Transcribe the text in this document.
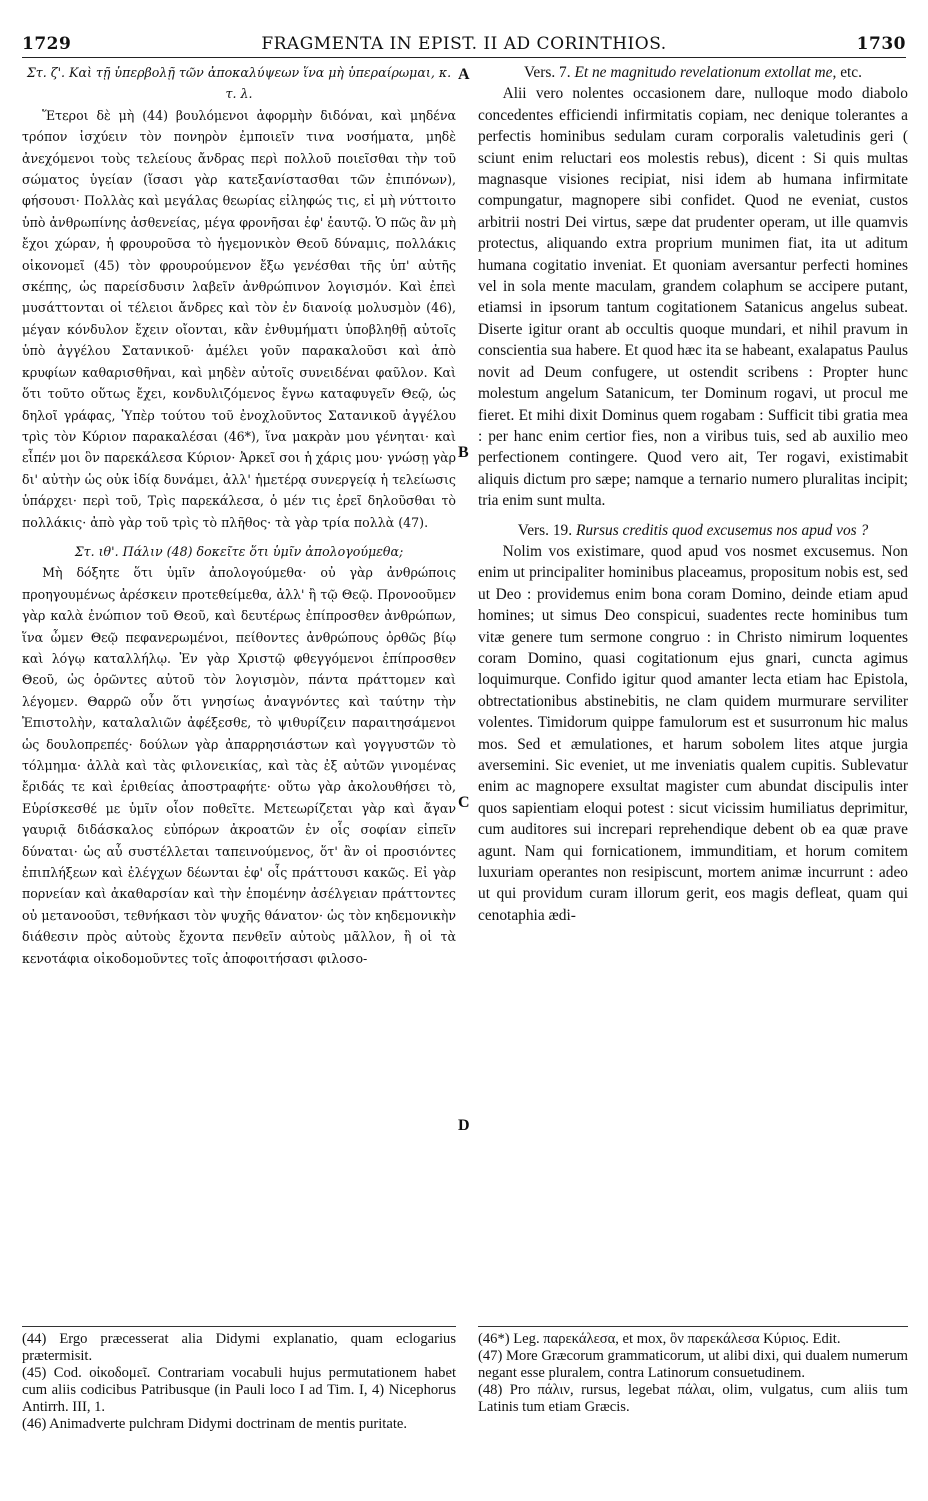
1729	FRAGMENTA IN EPIST. II AD CORINTHIOS.	1730
Στ. ζ'. Καὶ τῇ ὑπερβολῇ τῶν ἀποκαλύψεων ἵνα μὴ ὑπεραίρωμαι, κ. τ. λ.

Ἕτεροι δὲ μὴ (44) βουλόμενοι ἀφορμὴν διδόναι, καὶ μηδένα τρόπον ἰσχύειν τὸν πονηρὸν ἐμποιεῖν τινα νοσήματα, μηδὲ ἀνεχόμενοι τοὺς τελείους ἄνδρας περὶ πολλοῦ ποιεῖσθαι τὴν τοῦ σώματος ὑγείαν (ἴσασι γὰρ κατεξανίστασθαι τῶν ἐπιπόνων), φήσουσι· Πολλὰς καὶ μεγάλας θεωρίας εἰληφώς τις, εἰ μὴ νύττοιτο ὑπὸ ἀνθρωπίνης ἀσθενείας, μέγα φρονῆσαι ἐφ' ἑαυτῷ. Ὁ πῶς ἂν μὴ ἔχοι χώραν, ἡ φρουροῦσα τὸ ἡγεμονικὸν Θεοῦ δύναμις, πολλάκις οἰκονομεῖ (45) τὸν φρουρούμενον ἔξω γενέσθαι τῆς ὑπ' αὐτῆς σκέπης, ὡς παρείσδυσιν λαβεῖν ἀνθρώπινον λογισμόν. Καὶ ἐπεὶ μυσάττονται οἱ τέλειοι ἄνδρες καὶ τὸν ἐν διανοίᾳ μολυσμὸν (46), μέγαν κόνδυλον ἔχειν οἴονται, κἂν ἐνθυμήματι ὑποβληθῇ αὐτοῖς ὑπὸ ἀγγέλου Σατανικοῦ· ἀμέλει γοῦν παρακαλοῦσι καὶ ἀπὸ κρυφίων καθαρισθῆναι, καὶ μηδὲν αὐτοῖς συνειδέναι φαῦλον. Καὶ ὅτι τοῦτο οὕτως ἔχει, κονδυλιζόμενος ἔγνω καταφυγεῖν Θεῷ, ὡς δηλοῖ γράφας, Ὑπὲρ τούτου τοῦ ἐνοχλοῦντος Σατανικοῦ ἀγγέλου τρὶς τὸν Κύριον παρακαλέσαι (46*), ἵνα μακρὰν μου γένηται· καὶ εἶπέν μοι ὃν παρεκάλεσα Κύριον· Ἀρκεῖ σοι ἡ χάρις μου· γνώσῃ γὰρ δι' αὐτὴν ὡς οὐκ ἰδίᾳ δυνάμει, ἀλλ' ἡμετέρᾳ συνεργείᾳ ἡ τελείωσις ὑπάρχει· περὶ τοῦ, Τρὶς παρεκάλεσα, ὁ μέν τις ἐρεῖ δηλοῦσθαι τὸ πολλάκις· ἀπὸ γὰρ τοῦ τρὶς τὸ πλῆθος· τὰ γὰρ τρία πολλὰ (47).

Στ. ιθ'. Πάλιν (48) δοκεῖτε ὅτι ὑμῖν ἀπολογούμεθα;

Μὴ δόξητε ὅτι ὑμῖν ἀπολογούμεθα· οὐ γὰρ ἀνθρώποις προηγουμένως ἀρέσκειν προτεθείμεθα, ἀλλ' ἢ τῷ Θεῷ. Προνοοῦμεν γὰρ καλὰ ἐνώπιον τοῦ Θεοῦ, καὶ δευτέρως ἐπίπροσθεν ἀνθρώπων, ἵνα ὦμεν Θεῷ πεφανερωμένοι, πείθοντες ἀνθρώπους ὀρθῶς βίῳ καὶ λόγῳ καταλλήλῳ. Ἐν γὰρ Χριστῷ φθεγγόμενοι ἐπίπροσθεν Θεοῦ, ὡς ὁρῶντες αὐτοῦ τὸν λογισμὸν, πάντα πράττομεν καὶ λέγομεν. Θαρρῶ οὖν ὅτι γνησίως ἀναγνόντες καὶ ταύτην τὴν Ἐπιστολὴν, καταλαλιῶν ἀφέξεσθε, τὸ ψιθυρίζειν παραιτησάμενοι ὡς δουλοπρεπές· δούλων γὰρ ἀπαρρησιάστων καὶ γογγυστῶν τὸ τόλμημα· ἀλλὰ καὶ τὰς φιλονεικίας, καὶ τὰς ἐξ αὐτῶν γινομένας ἔριδάς τε καὶ ἐριθείας ἀποστραφήτε· οὕτω γὰρ ἀκολουθήσει τὸ, Εὑρίσκεσθέ με ὑμῖν οἷον ποθεῖτε. Μετεωρίζεται γὰρ καὶ ἄγαν γαυριᾷ διδάσκαλος εὐπόρων ἀκροατῶν ἐν οἷς σοφίαν εἰπεῖν δύναται· ὡς αὖ συστέλλεται ταπεινούμενος, ὅτ' ἂν οἱ προσιόντες ἐπιπλήξεων καὶ ἐλέγχων δέωνται ἐφ' οἷς πράττουσι κακῶς. Εἰ γὰρ πορνείαν καὶ ἀκαθαρσίαν καὶ τὴν ἑπομένην ἀσέλγειαν πράττοντες οὐ μετανοοῦσι, τεθνήκασι τὸν ψυχῆς θάνατον· ὡς τὸν κηδεμονικὴν διάθεσιν πρὸς αὐτοὺς ἔχοντα πενθεῖν αὐτοὺς μᾶλλον, ἢ οἱ τὰ κενοτάφια οἰκοδομοῦντες τοῖς ἀποφοιτήσασι φιλοσο-

Vers. 7. Et ne magnitudo revelationum extollat me, etc.

Alii vero nolentes occasionem dare, nulloque modo diabolo concedentes efficiendi infirmitatis copiam, nec denique tolerantes a perfectis hominibus sedulam curam corporalis valetudinis geri ( sciunt enim reluctari eos molestis rebus), dicent : Si quis multas magnasque visiones recipiat, nisi idem ab humana infirmitate compungatur, magnopere sibi confidet. Quod ne eveniat, custos arbitrii nostri Dei virtus, sæpe dat prudenter operam, ut ille quamvis protectus, aliquando extra proprium munimen fiat, ita ut aditum humana cogitatio inveniat. Et quoniam aversantur perfecti homines vel in sola mente maculam, grandem colaphum se accipere putant, etiamsi in ipsorum tantum cogitationem Satanicus angelus subeat. Diserte igitur orant ab occultis quoque mundari, et nihil pravum in conscientia sua habere. Et quod hæc ita se habeant, exalapatus Paulus novit ad Deum confugere, ut ostendit scribens : Propter hunc molestum angelum Satanicum, ter Dominum rogavi, ut procul me fieret. Et mihi dixit Dominus quem rogabam : Sufficit tibi gratia mea : per hanc enim certior fies, non a viribus tuis, sed ab auxilio meo perfectionem contingere. Quod vero ait, Ter rogavi, existimabit aliquis dictum pro sæpe; namque a ternario numero pluralitas incipit; tria enim sunt multa.

Vers. 19. Rursus creditis quod excusemus nos apud vos ?

Nolim vos existimare, quod apud vos nosmet excusemus. Non enim ut principaliter hominibus placeamus, propositum nobis est, sed ut Deo : providemus enim bona coram Domino, deinde etiam apud homines; ut simus Deo conspicui, suadentes recte hominibus tum vitæ genere tum sermone congruo : in Christo nimirum loquentes coram Domino, quasi cogitationum ejus gnari, cuncta agimus loquimurque. Confido igitur quod amanter lecta etiam hac Epistola, obtrectationibus abstinebitis, ne clam quidem murmurare serviliter volentes. Timidorum quippe famulorum est et susurronum hic malus mos. Sed et æmulationes, et harum sobolem lites atque jurgia aversemini. Sic eveniet, ut me inveniatis qualem cupitis. Sublevatur enim ac magnopere exsultat magister cum abundat discipulis inter quos sapientiam eloqui potest : sicut vicissim humiliatus deprimitur, cum auditores sui increpari reprehendique debent ob ea quæ prave agunt. Nam qui fornicationem, immunditiam, et horum comitem luxuriam operantes non resipiscunt, mortem animæ incurrunt : adeo ut qui providum curam illorum gerit, eos magis defleat, quam qui cenotaphia ædi-

A
B
C
D

(44) Ergo præcesserat alia Didymi explanatio, quam eclogarius prætermisit.

(45) Cod. οἰκοδομεῖ. Contrariam vocabuli hujus permutationem habet cum aliis codicibus Patribusque (in Pauli loco I ad Tim. I, 4) Nicephorus Antirrh. III, 1.

(46) Animadverte pulchram Didymi doctrinam de mentis puritate.

(46*) Leg. παρεκάλεσα, et mox, ὃν παρεκάλεσα Κύριος. Edit.

(47) More Græcorum grammaticorum, ut alibi dixi, qui dualem numerum negant esse pluralem, contra Latinorum consuetudinem.

(48) Pro πάλιν, rursus, legebat πάλαι, olim, vulgatus, cum aliis tum Latinis tum etiam Græcis.
